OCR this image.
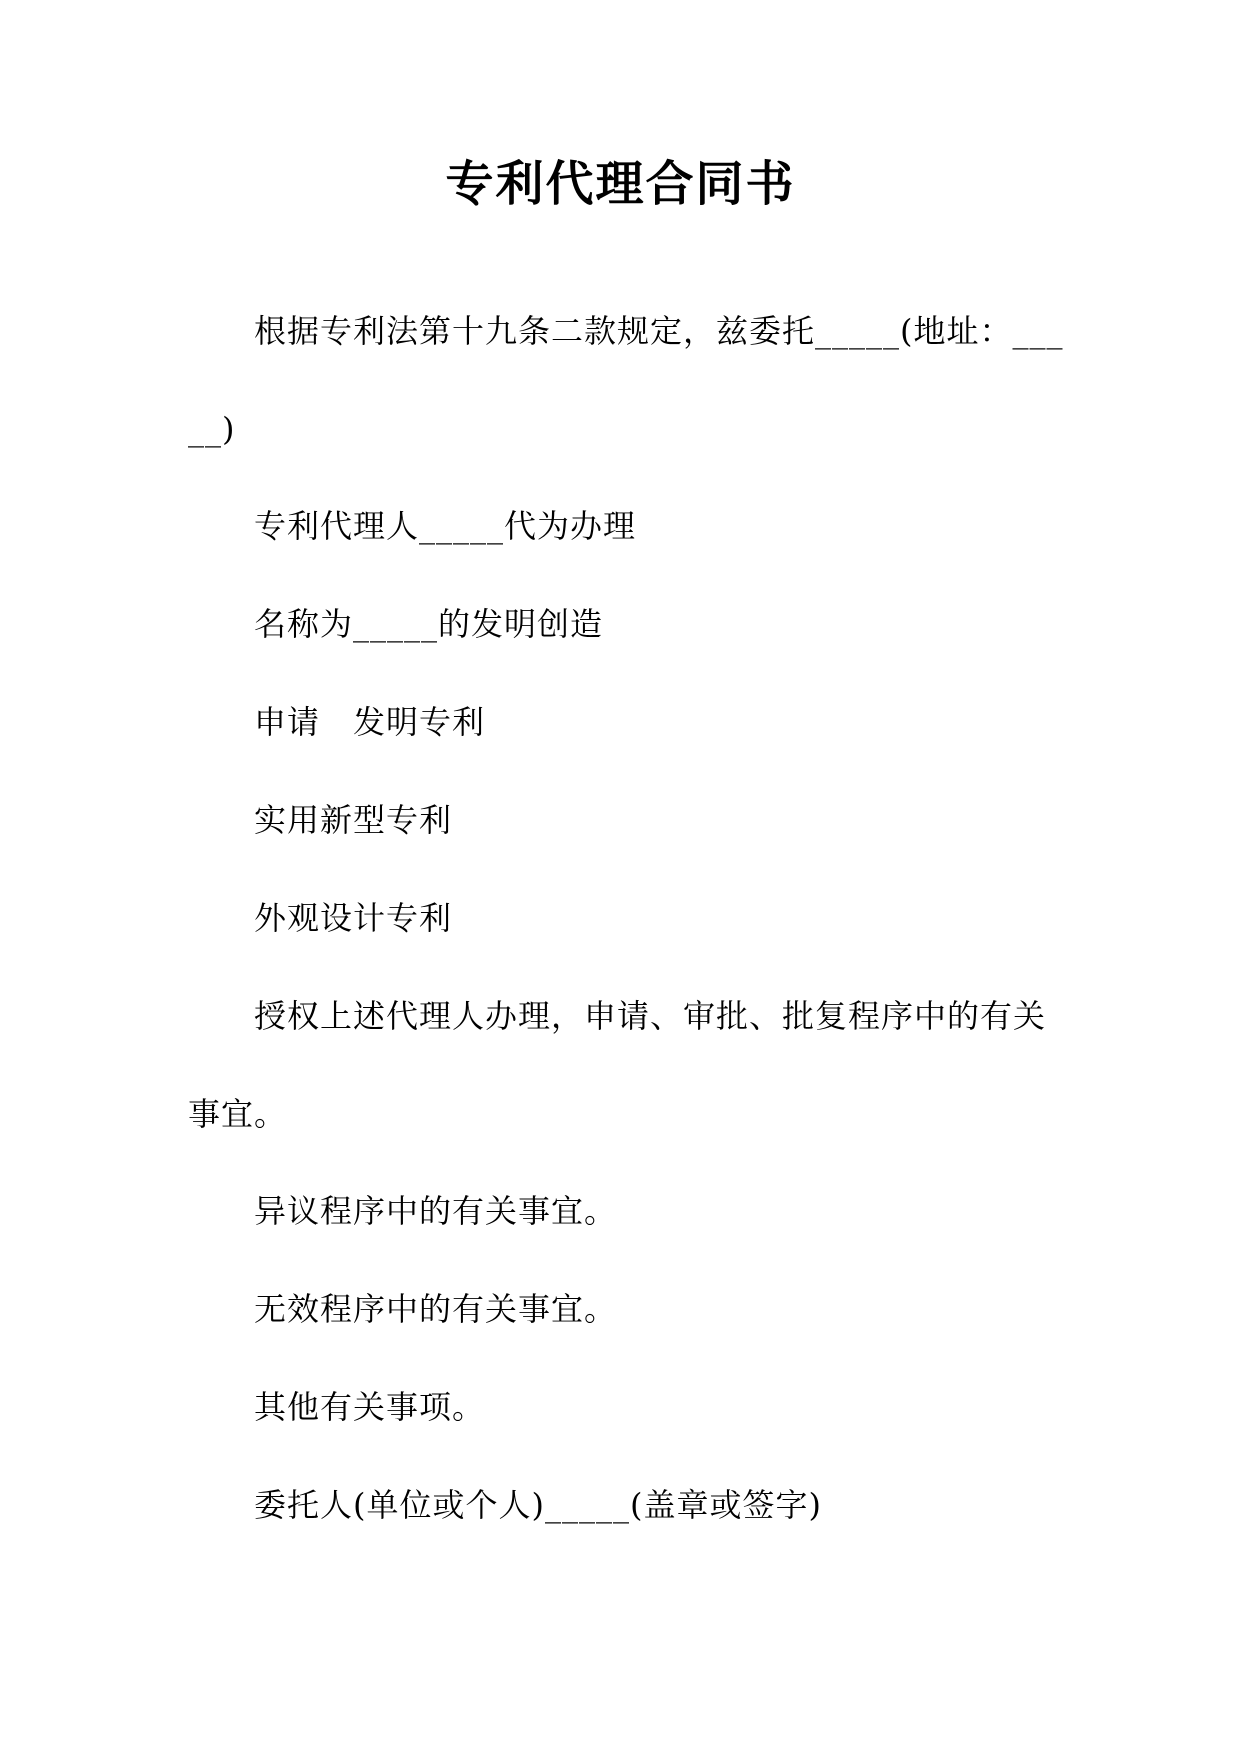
专利代理合同书

根据专利法第十九条二款规定，兹委托_____(地址：_____)

专利代理人_____代为办理

名称为_____的发明创造

申请　发明专利

实用新型专利

外观设计专利

授权上述代理人办理，申请、审批、批复程序中的有关事宜。

异议程序中的有关事宜。

无效程序中的有关事宜。

其他有关事项。

委托人(单位或个人)_____(盖章或签字)
